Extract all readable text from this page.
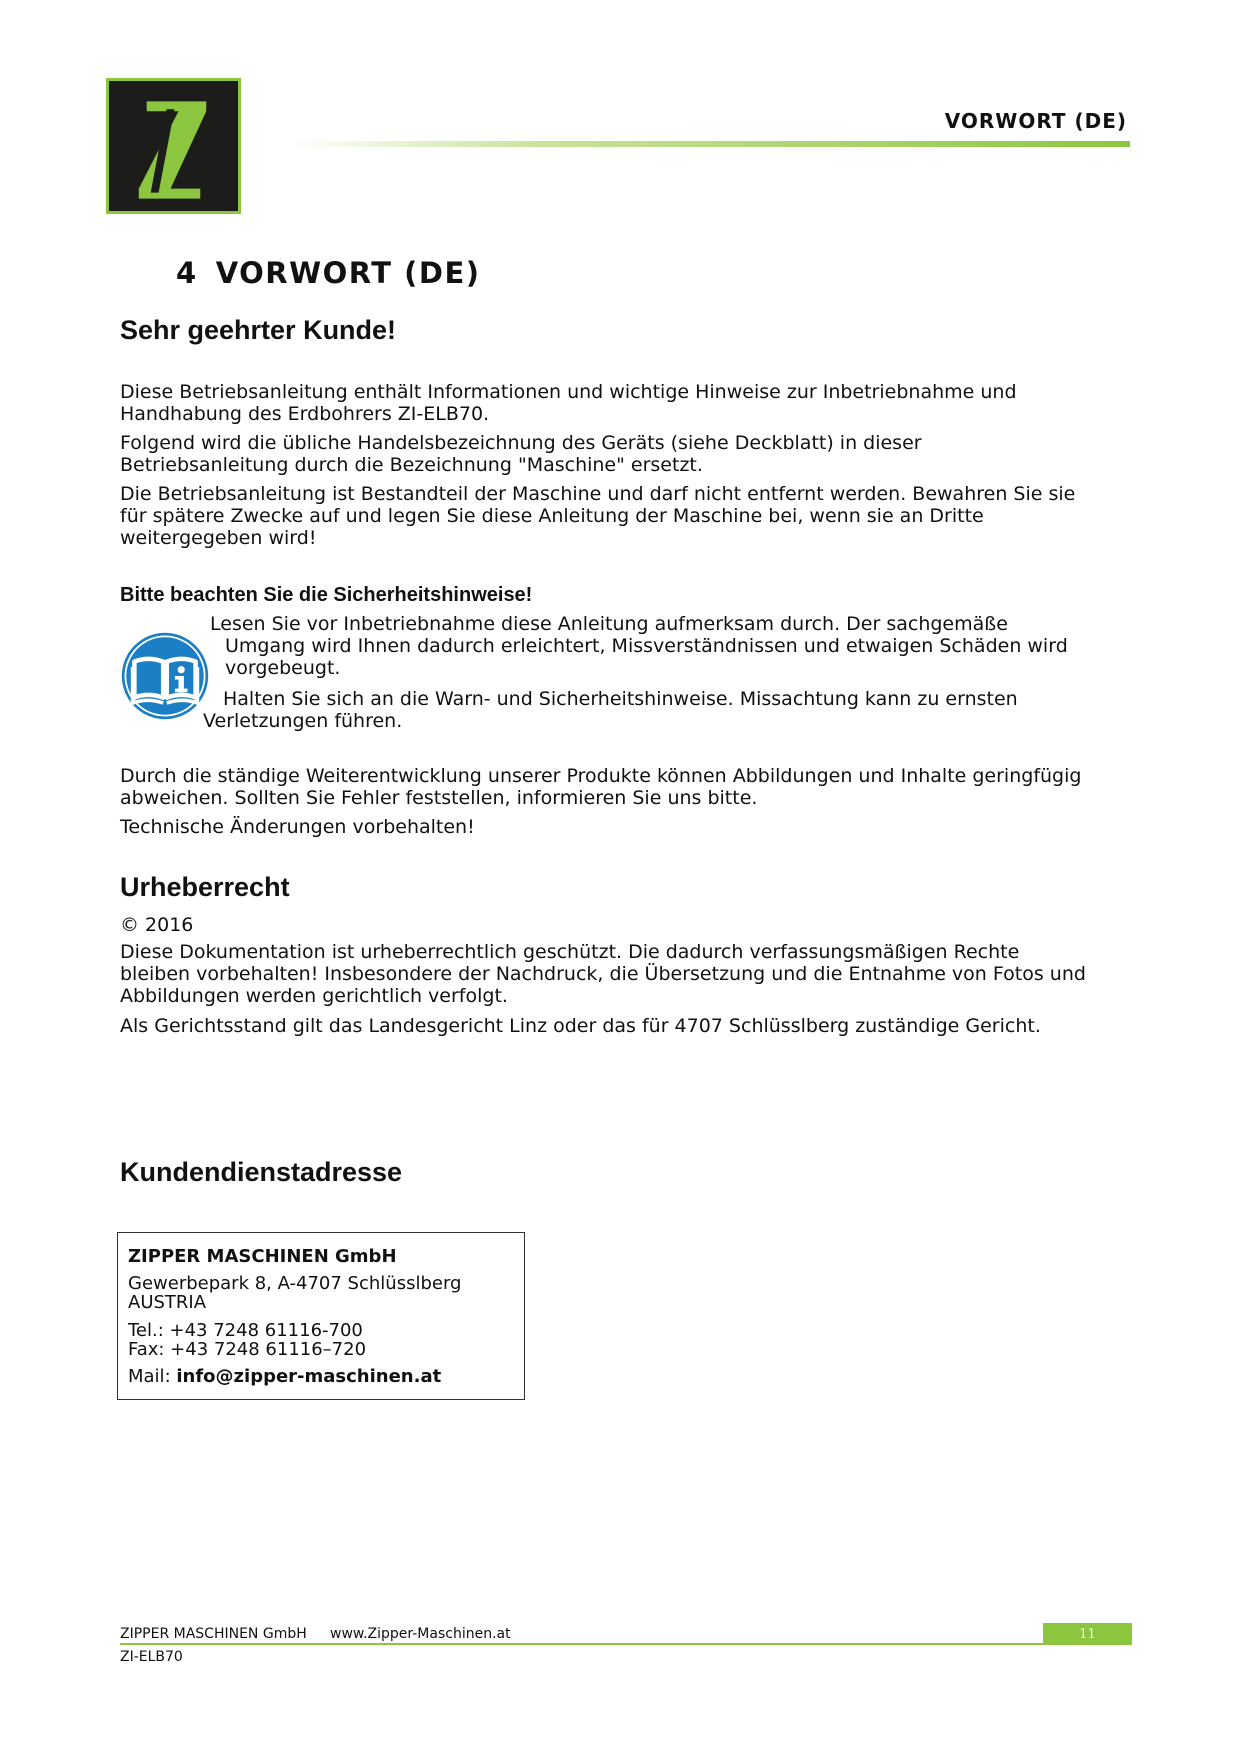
VORWORT (DE)
4 VORWORT (DE)
Sehr geehrter Kunde!

Diese Betriebsanleitung enthält Informationen und wichtige Hinweise zur Inbetriebnahme und

Handhabung des Erdbohrers ZI-ELB70.

Folgend wird die übliche Handelsbezeichnung des Geräts (siehe Deckblatt) in dieser

Betriebsanleitung durch die Bezeichnung "Maschine" ersetzt.

Die Betriebsanleitung ist Bestandteil der Maschine und darf nicht entfernt werden. Bewahren Sie sie

für spätere Zwecke auf und legen Sie diese Anleitung der Maschine bei, wenn sie an Dritte

weitergegeben wird!

Bitte beachten Sie die Sicherheitshinweise!

Lesen Sie vor Inbetriebnahme diese Anleitung aufmerksam durch. Der sachgemäße

Umgang wird Ihnen dadurch erleichtert, Missverständnissen und etwaigen Schäden wird

vorgebeugt.

Halten Sie sich an die Warn- und Sicherheitshinweise. Missachtung kann zu ernsten

Verletzungen führen.

Durch die ständige Weiterentwicklung unserer Produkte können Abbildungen und Inhalte geringfügig

abweichen. Sollten Sie Fehler feststellen, informieren Sie uns bitte.

Technische Änderungen vorbehalten!

Urheberrecht

© 2016

Diese Dokumentation ist urheberrechtlich geschützt. Die dadurch verfassungsmäßigen Rechte

bleiben vorbehalten! Insbesondere der Nachdruck, die Übersetzung und die Entnahme von Fotos und

Abbildungen werden gerichtlich verfolgt.

Als Gerichtsstand gilt das Landesgericht Linz oder das für 4707 Schlüsslberg zuständige Gericht.

Kundendienstadresse
ZIPPER MASCHINEN GmbH
Gewerbepark 8, A-4707 Schlüsslberg
AUSTRIA
Tel.: +43 7248 61116-700
Fax: +43 7248 61116–720
Mail: info@zipper-maschinen.at
11
ZIPPER MASCHINEN GmbH www.Zipper-Maschinen.at
ZI-ELB70
